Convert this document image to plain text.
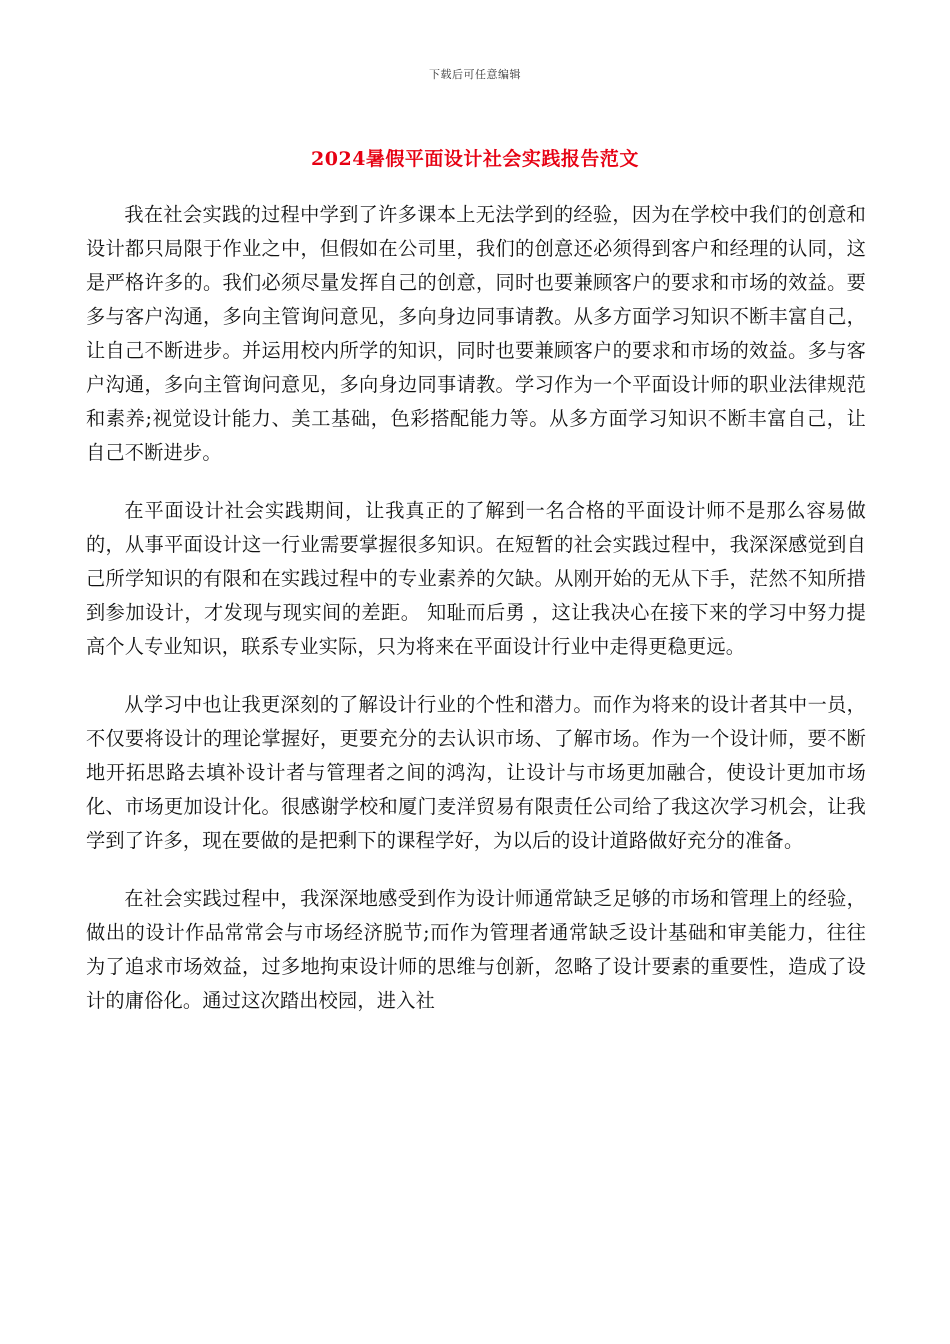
下载后可任意编辑
2024暑假平面设计社会实践报告范文

我在社会实践的过程中学到了许多课本上无法学到的经验，因为在学校中我们的创意和设计都只局限于作业之中，但假如在公司里，我们的创意还必须得到客户和经理的认同，这是严格许多的。我们必须尽量发挥自己的创意，同时也要兼顾客户的要求和市场的效益。要多与客户沟通，多向主管询问意见，多向身边同事请教。从多方面学习知识不断丰富自己，让自己不断进步。并运用校内所学的知识，同时也要兼顾客户的要求和市场的效益。多与客户沟通，多向主管询问意见，多向身边同事请教。学习作为一个平面设计师的职业法律规范和素养;视觉设计能力、美工基础，色彩搭配能力等。从多方面学习知识不断丰富自己，让自己不断进步。

在平面设计社会实践期间，让我真正的了解到一名合格的平面设计师不是那么容易做的，从事平面设计这一行业需要掌握很多知识。在短暂的社会实践过程中，我深深感觉到自己所学知识的有限和在实践过程中的专业素养的欠缺。从刚开始的无从下手，茫然不知所措到参加设计，才发现与现实间的差距。 知耻而后勇 ，这让我决心在接下来的学习中努力提高个人专业知识，联系专业实际，只为将来在平面设计行业中走得更稳更远。

从学习中也让我更深刻的了解设计行业的个性和潜力。而作为将来的设计者其中一员，不仅要将设计的理论掌握好，更要充分的去认识市场、了解市场。作为一个设计师，要不断地开拓思路去填补设计者与管理者之间的鸿沟，让设计与市场更加融合，使设计更加市场化、市场更加设计化。很感谢学校和厦门麦洋贸易有限责任公司给了我这次学习机会，让我学到了许多，现在要做的是把剩下的课程学好，为以后的设计道路做好充分的准备。

在社会实践过程中，我深深地感受到作为设计师通常缺乏足够的市场和管理上的经验，做出的设计作品常常会与市场经济脱节;而作为管理者通常缺乏设计基础和审美能力，往往为了追求市场效益，过多地拘束设计师的思维与创新，忽略了设计要素的重要性，造成了设计的庸俗化。通过这次踏出校园，进入社
